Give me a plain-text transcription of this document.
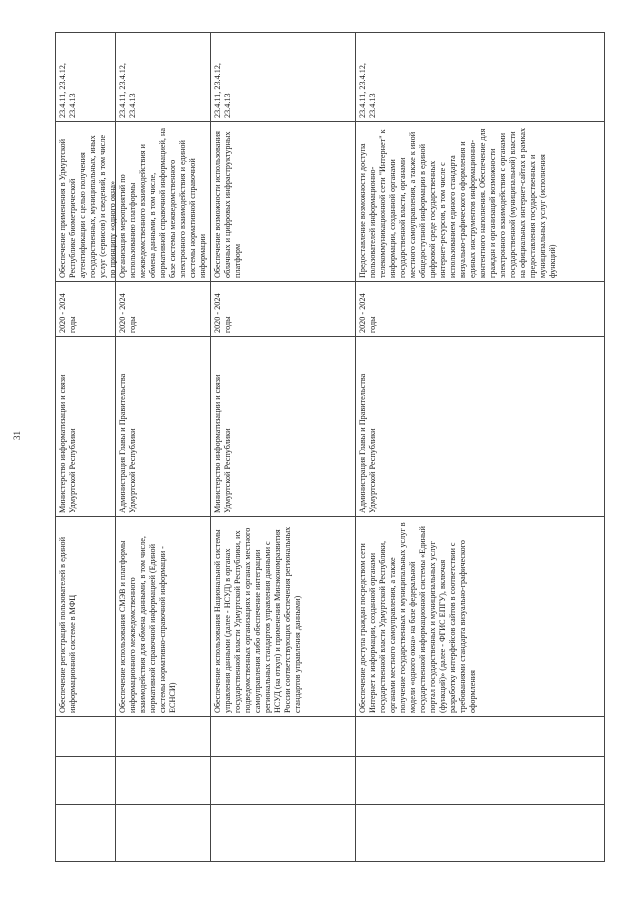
31
Обеспечение регистраций пользователей в единой информационной системе в МФЦ
Министерство информатизации и связи Удмуртской Республики
2020 - 2024 годы
Обеспечение применения в Удмуртской Республике биометрической аутентификации с целью получения государственных, муниципальных, иных услуг (сервисов) и сведений, в том числе по принципу «одного окна»
23.4.11, 23.4.12, 23.4.13
Обеспечение использования СМЭВ и платформы информационного межведомственного взаимодействия для обмена данными, в том числе, нормативной справочной информацией (Единой системы нормативно-справочной информации - ЕСНСИ)
Администрация Главы и Правительства Удмуртской Республики
2020 - 2024 годы
Организация мероприятий по использованию платформы межведомственного взаимодействия и обмена данными, в том числе, нормативной справочной информацией, на базе системы межведомственного электронного взаимодействия и единой системы нормативной справочной информации
23.4.11, 23.4.12, 23.4.13
Обеспечение использования Национальной системы управления данными (далее - НСУД) в органах государственной власти Удмуртской Республики, их подведомственных организациях и органах местного самоуправления либо обеспечение интеграции региональных стандартов управления данными с НСУД (на откуп) и применения Минэкономразвития России соответствующих обеспечения региональных стандартов управления данными)
Министерство информатизации и связи Удмуртской Республики
2020 - 2024 годы
Обеспечение возможности использования облачных и цифровых инфраструктурных платформ
23.4.11, 23.4.12, 23.4.13
Обеспечение доступа граждан посредством сети Интернет к информации, созданной органами государственной власти Удмуртской Республики, органами местного самоуправления, а также получение государственных и муниципальных услуг в модели «одного окна» на базе федеральной государственной информационной системы «Единый портал государственных и муниципальных услуг (функций)» (далее - ФГИС ЕПГУ), включая разработку интерфейсов сайтов в соответствии с требованиями стандарта визуально-графического оформления
Администрация Главы и Правительства Удмуртской Республики
2020 - 2024 годы
Предоставление возможности доступа пользователей информационно-телекоммуникационной сети "Интернет" к информации, созданной органами государственной власти, органами местного самоуправления, а также к иной общедоступной информации в единой цифровой среде государственных интернет-ресурсов, в том числе с использованием единого стандарта визуально-графического оформления и единых инструментов информационно-контентного наполнения. Обеспечение для граждан и организаций возможности электронного взаимодействия с органами государственной (муниципальной) власти на официальных интернет-сайтах в рамках предоставления государственных и муниципальных услуг (исполнения функций)
23.4.11, 23.4.12, 23.4.13
